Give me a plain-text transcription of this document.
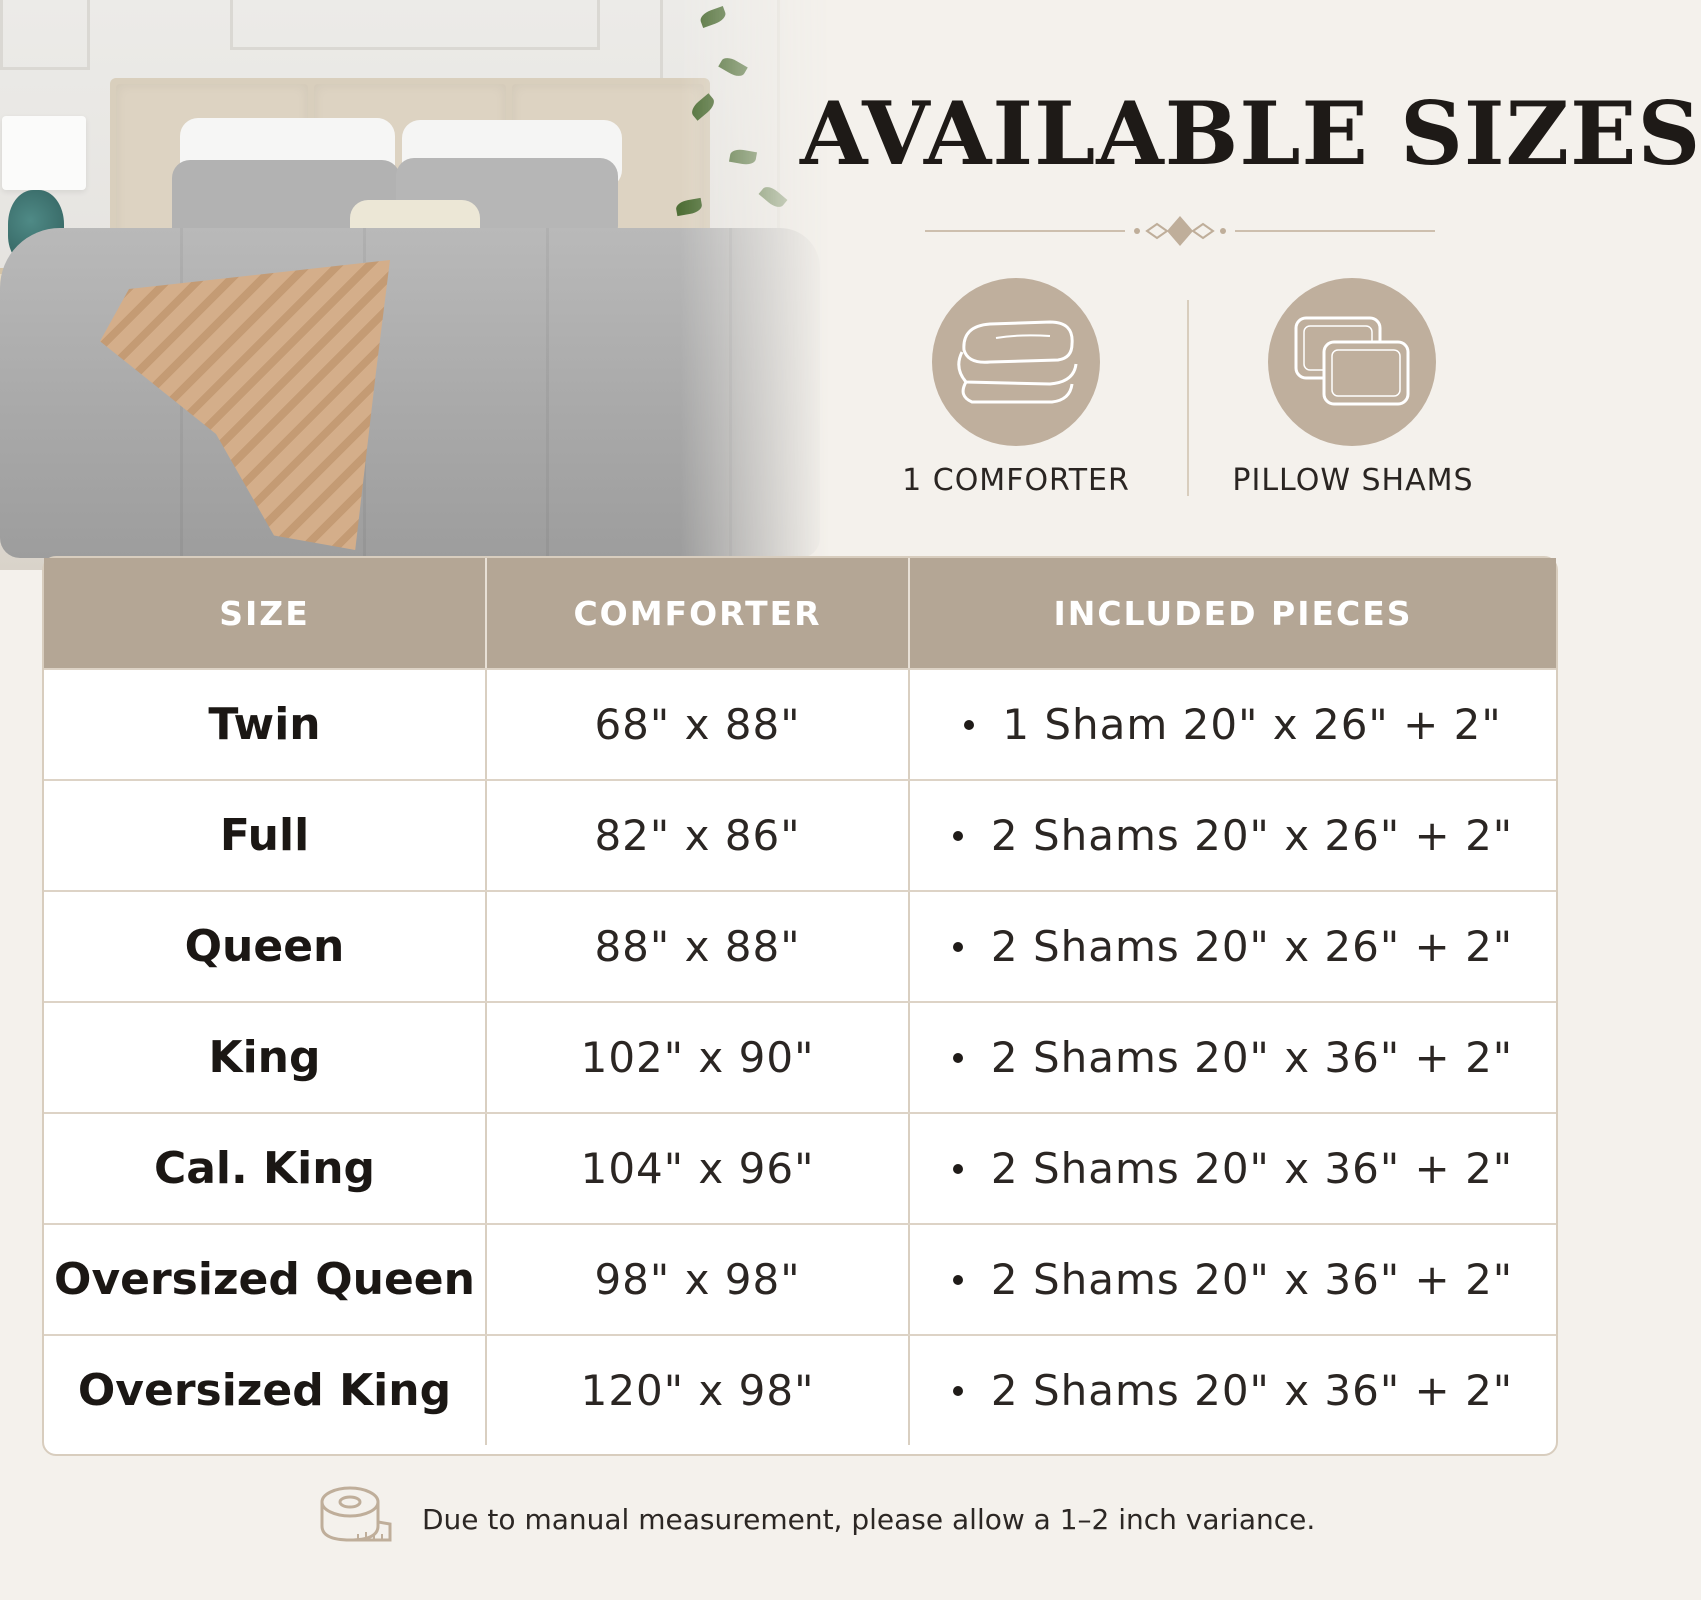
AVAILABLE SIZES
1 COMFORTER	PILLOW SHAMS
SIZE	COMFORTER	INCLUDED PIECES
Twin	68" x 88"	1 Sham 20" x 26" + 2"
Full	82" x 86"	2 Shams 20" x 26" + 2"
Queen	88" x 88"	2 Shams 20" x 26" + 2"
King	102" x 90"	2 Shams 20" x 36" + 2"
Cal. King	104" x 96"	2 Shams 20" x 36" + 2"
Oversized Queen	98" x 98"	2 Shams 20" x 36" + 2"
Oversized King	120" x 98"	2 Shams 20" x 36" + 2"
Due to manual measurement, please allow a 1–2 inch variance.
